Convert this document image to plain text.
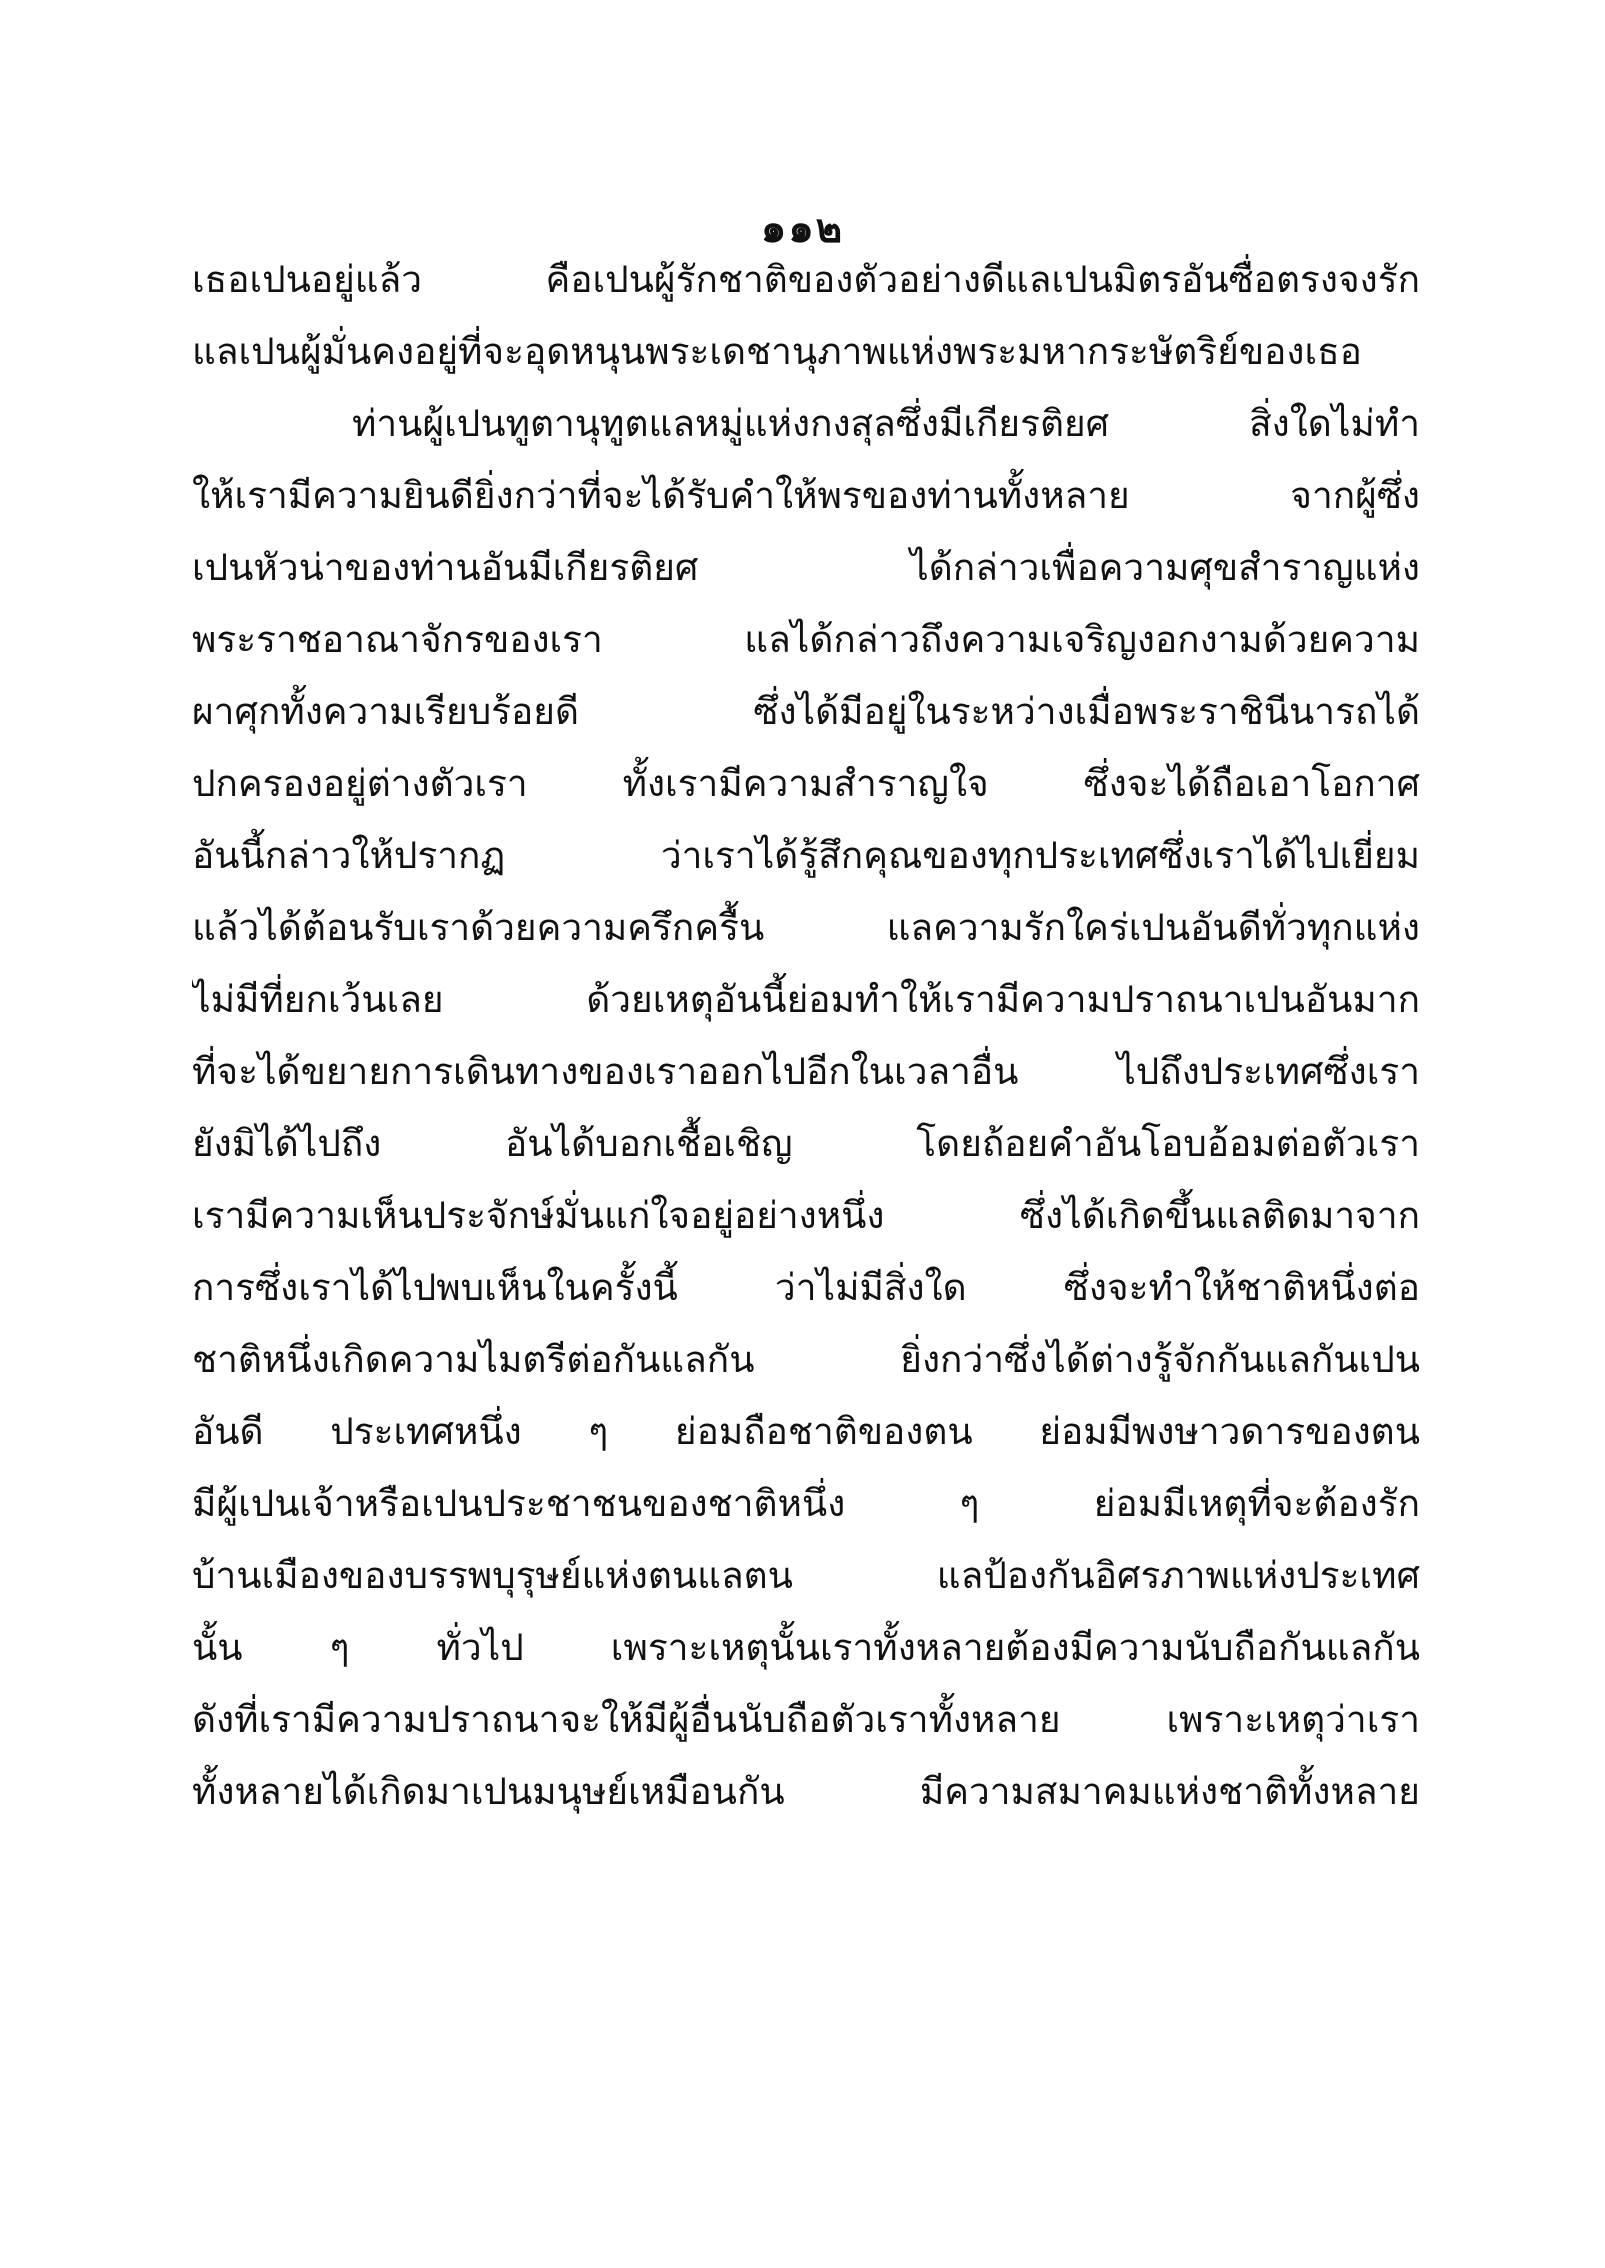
๑๑๒
เธอเปนอยู่แล้ว คือเปนผู้รักชาติของตัวอย่างดีแลเปนมิตรอันซื่อตรงจงรัก
แลเปนผู้มั่นคงอยู่ที่จะอุดหนุนพระเดชานุภาพแห่งพระมหากระษัตริย์ของเธอ
ท่านผู้เปนทูตานุทูตแลหมู่แห่งกงสุลซึ่งมีเกียรติยศ สิ่งใดไม่ทำ
ให้เรามีความยินดียิ่งกว่าที่จะได้รับคำให้พรของท่านทั้งหลาย จากผู้ซึ่ง
เปนหัวน่าของท่านอันมีเกียรติยศ ได้กล่าวเพื่อความศุขสำราญแห่ง
พระราชอาณาจักรของเรา แลได้กล่าวถึงความเจริญงอกงามด้วยความ
ผาศุกทั้งความเรียบร้อยดี ซึ่งได้มีอยู่ในระหว่างเมื่อพระราชินีนารถได้
ปกครองอยู่ต่างตัวเรา ทั้งเรามีความสำราญใจ ซึ่งจะได้ถือเอาโอกาศ
อันนี้กล่าวให้ปรากฏ ว่าเราได้รู้สึกคุณของทุกประเทศซึ่งเราได้ไปเยี่ยม
แล้วได้ต้อนรับเราด้วยความครึกครื้น แลความรักใคร่เปนอันดีทั่วทุกแห่ง
ไม่มีที่ยกเว้นเลย ด้วยเหตุอันนี้ย่อมทำให้เรามีความปราถนาเปนอันมาก
ที่จะได้ขยายการเดินทางของเราออกไปอีกในเวลาอื่น ไปถึงประเทศซึ่งเรา
ยังมิได้ไปถึง อันได้บอกเชื้อเชิญ โดยถ้อยคำอันโอบอ้อมต่อตัวเรา
เรามีความเห็นประจักษ์มั่นแก่ใจอยู่อย่างหนึ่ง ซึ่งได้เกิดขึ้นแลติดมาจาก
การซึ่งเราได้ไปพบเห็นในครั้งนี้ ว่าไม่มีสิ่งใด ซึ่งจะทำให้ชาติหนึ่งต่อ
ชาติหนึ่งเกิดความไมตรีต่อกันแลกัน ยิ่งกว่าซึ่งได้ต่างรู้จักกันแลกันเปน
อันดี ประเทศหนึ่ง ๆ ย่อมถือชาติของตน ย่อมมีพงษาวดารของตน
มีผู้เปนเจ้าหรือเปนประชาชนของชาติหนึ่ง ๆ ย่อมมีเหตุที่จะต้องรัก
บ้านเมืองของบรรพบุรุษย์แห่งตนแลตน แลป้องกันอิศรภาพแห่งประเทศ
นั้น ๆ ทั่วไป เพราะเหตุนั้นเราทั้งหลายต้องมีความนับถือกันแลกัน
ดังที่เรามีความปราถนาจะให้มีผู้อื่นนับถือตัวเราทั้งหลาย เพราะเหตุว่าเรา
ทั้งหลายได้เกิดมาเปนมนุษย์เหมือนกัน มีความสมาคมแห่งชาติทั้งหลาย
